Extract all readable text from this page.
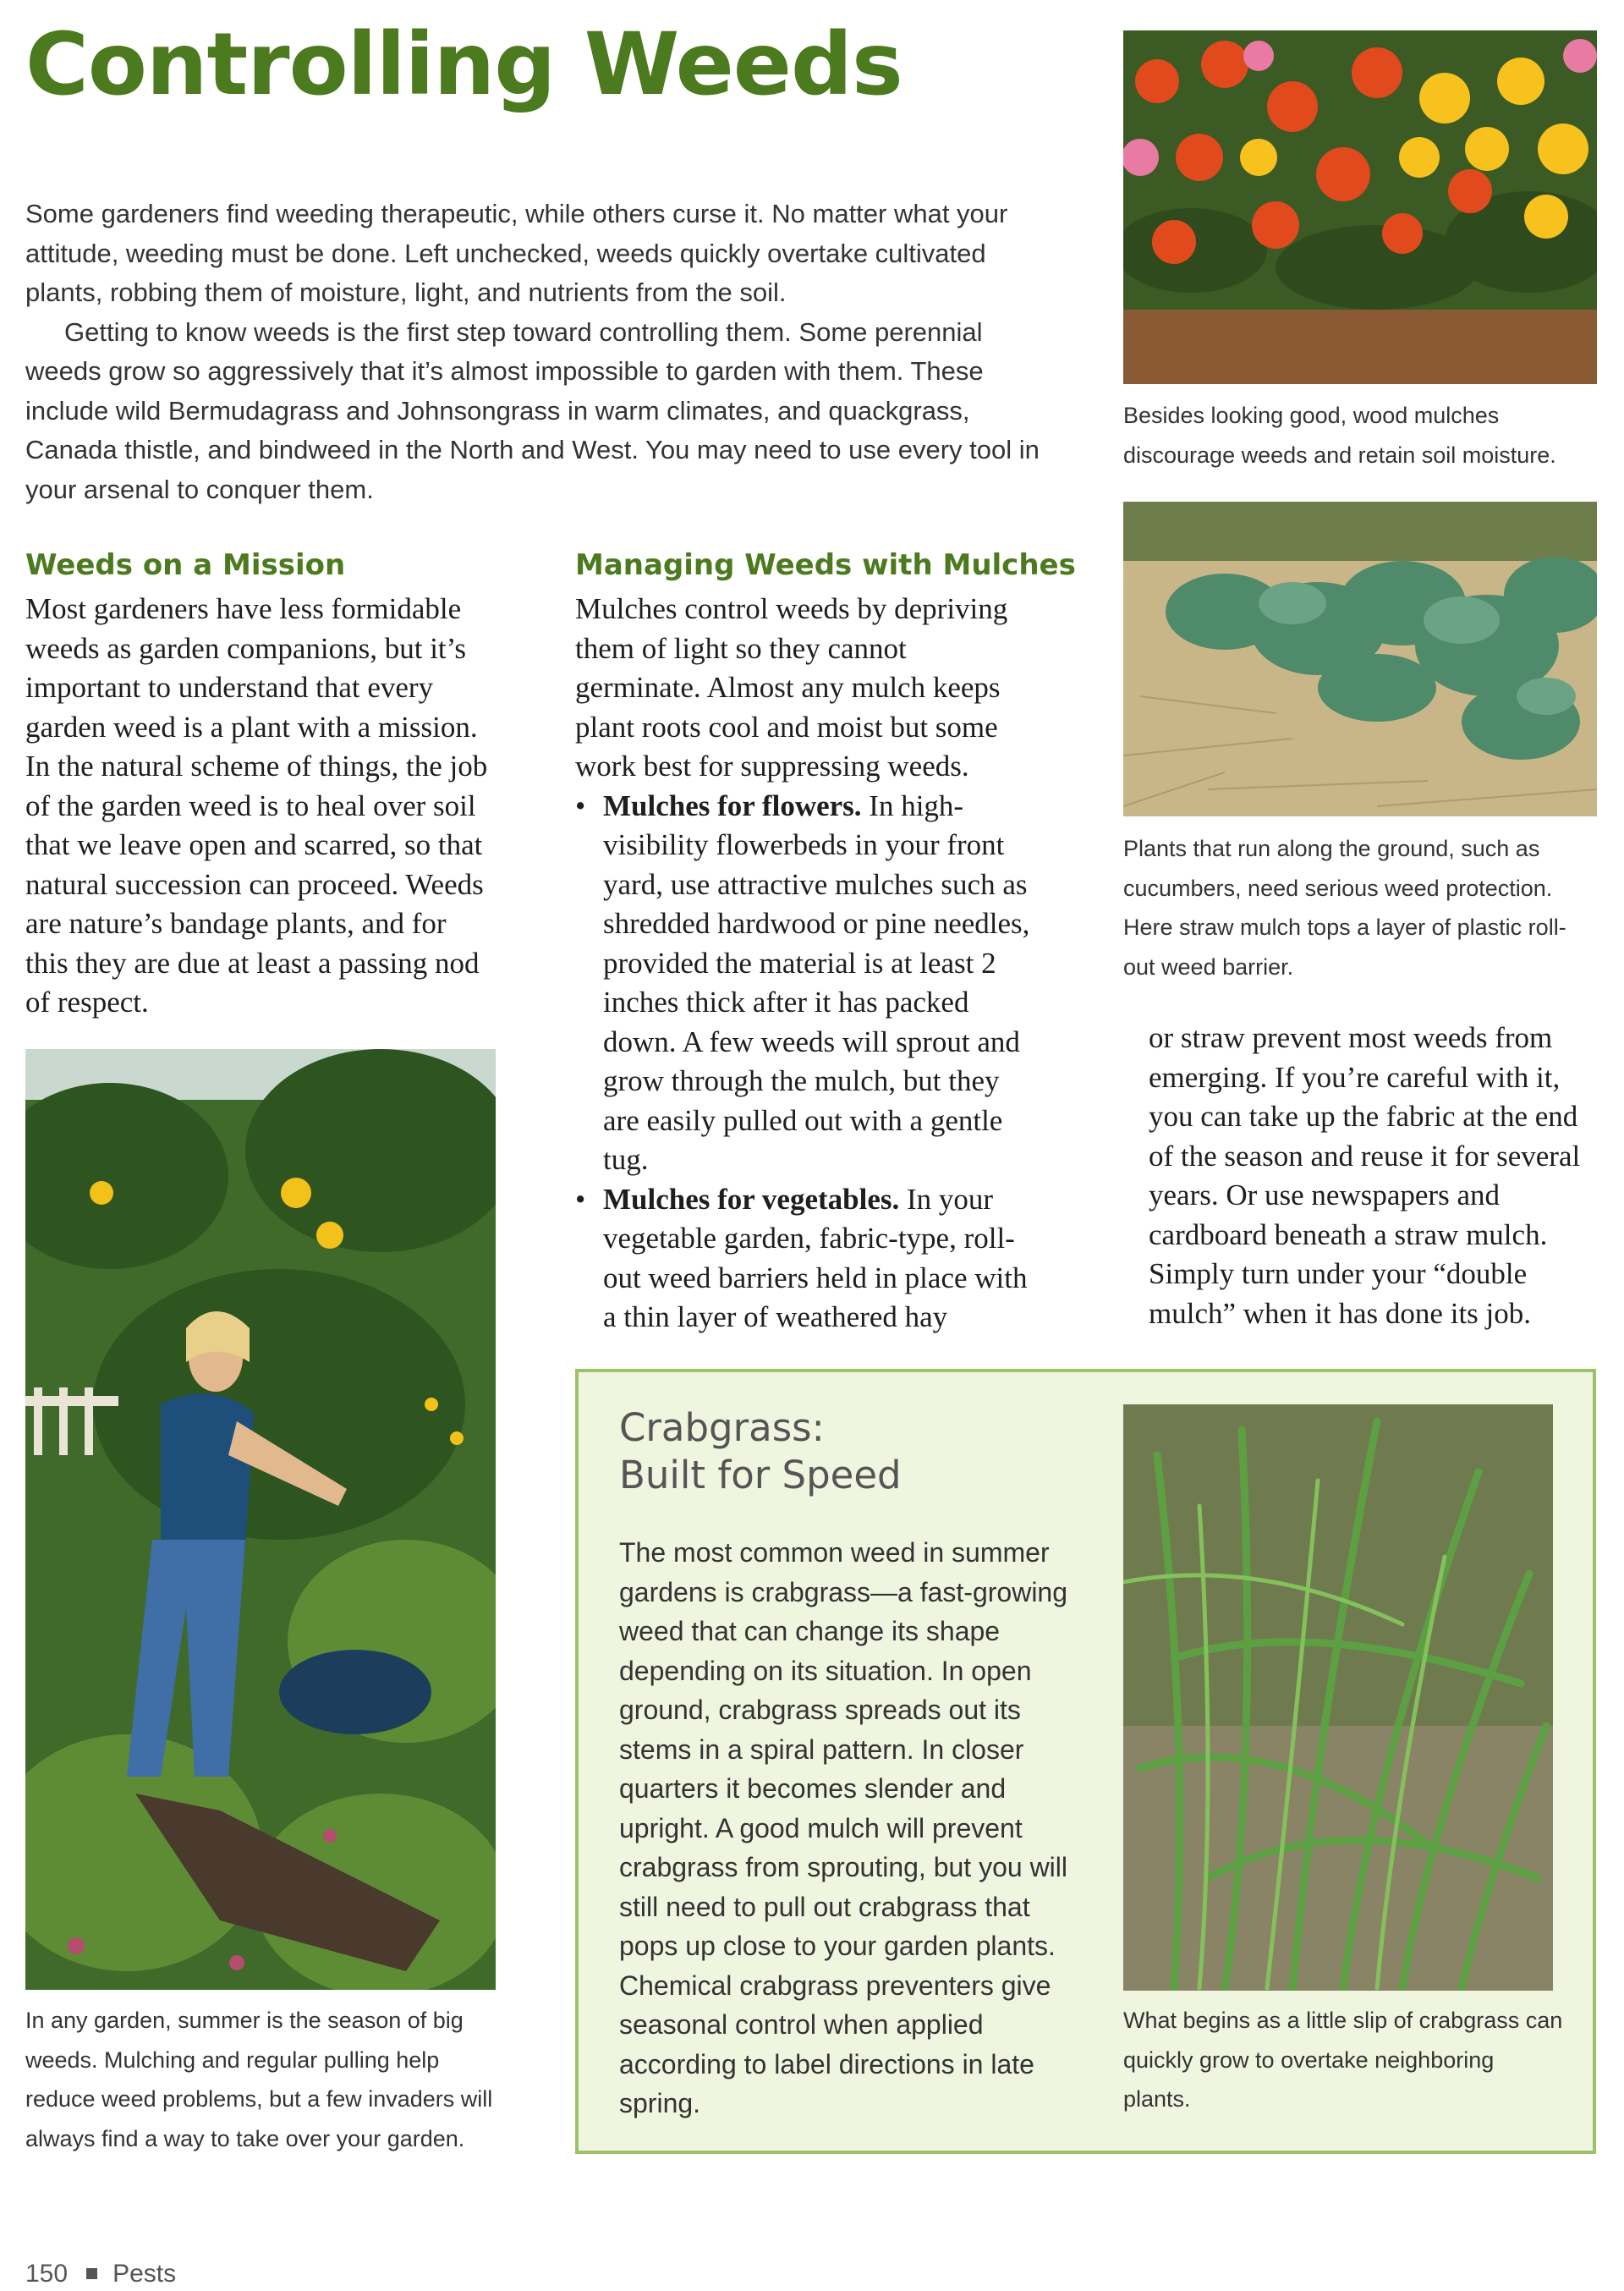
Controlling Weeds

Some gardeners find weeding therapeutic, while others curse it. No matter what your attitude, weeding must be done. Left unchecked, weeds quickly overtake cultivated plants, robbing them of moisture, light, and nutrients from the soil.

Getting to know weeds is the first step toward controlling them. Some perennial weeds grow so aggressively that it’s almost impossible to garden with them. These include wild Bermudagrass and Johnsongrass in warm climates, and quackgrass, Canada thistle, and bindweed in the North and West. You may need to use every tool in your arsenal to conquer them.

Weeds on a Mission

Most gardeners have less formidable weeds as garden companions, but it’s important to understand that every garden weed is a plant with a mission. In the natural scheme of things, the job of the garden weed is to heal over soil that we leave open and scarred, so that natural succession can proceed. Weeds are nature’s bandage plants, and for this they are due at least a passing nod of respect.

Managing Weeds with Mulches

Mulches control weeds by depriving them of light so they cannot germinate. Almost any mulch keeps plant roots cool and moist but some work best for suppressing weeds.

• Mulches for flowers. In high-visibility flowerbeds in your front yard, use attractive mulches such as shredded hardwood or pine needles, provided the material is at least 2 inches thick after it has packed down. A few weeds will sprout and grow through the mulch, but they are easily pulled out with a gentle tug.
• Mulches for vegetables. In your vegetable garden, fabric-type, roll-out weed barriers held in place with a thin layer of weathered hay

or straw prevent most weeds from emerging. If you’re careful with it, you can take up the fabric at the end of the season and reuse it for several years. Or use newspapers and cardboard beneath a straw mulch. Simply turn under your “double mulch” when it has done its job.

Besides looking good, wood mulches discourage weeds and retain soil moisture.
Plants that run along the ground, such as cucumbers, need serious weed protection. Here straw mulch tops a layer of plastic roll-out weed barrier.
In any garden, summer is the season of big weeds. Mulching and regular pulling help reduce weed problems, but a few invaders will always find a way to take over your garden.
Crabgrass:
Built for Speed
The most common weed in summer gardens is crabgrass—a fast-growing weed that can change its shape depending on its situation. In open ground, crabgrass spreads out its stems in a spiral pattern. In closer quarters it becomes slender and upright. A good mulch will prevent crabgrass from sprouting, but you will still need to pull out crabgrass that pops up close to your garden plants. Chemical crabgrass preventers give seasonal control when applied according to label directions in late spring.
What begins as a little slip of crabgrass can quickly grow to overtake neighboring plants.
150 Pests
